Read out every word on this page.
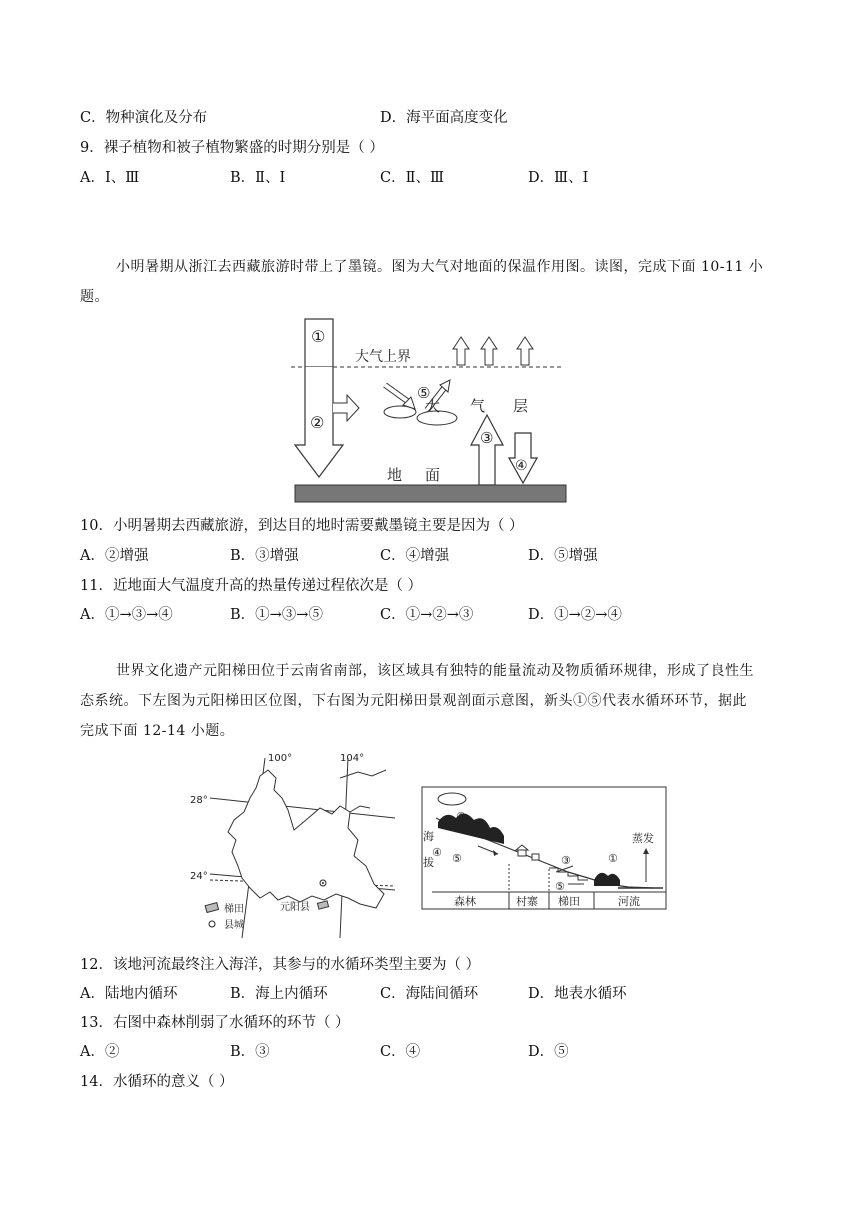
C．物种演化及分布	D．海平面高度变化
9．裸子植物和被子植物繁盛的时期分别是（ ）
A．Ⅰ、Ⅲ	B．Ⅱ、Ⅰ	C．Ⅱ、Ⅲ	D．Ⅲ、Ⅰ
小明暑期从浙江去西藏旅游时带上了墨镜。图为大气对地面的保温作用图。读图，完成下面 10-11 小
题。
大气上界
①
②
⑤
大 气 层
③
④
地 面
10．小明暑期去西藏旅游，到达目的地时需要戴墨镜主要是因为（ ）
A．②增强	B．③增强	C．④增强	D．⑤增强
11．近地面大气温度升高的热量传递过程依次是（ ）
A．①→③→④	B．①→③→⑤	C．①→②→③	D．①→②→④
世界文化遗产元阳梯田位于云南省南部，该区域具有独特的能量流动及物质循环规律，形成了良性生
态系统。下左图为元阳梯田区位图，下右图为元阳梯田景观剖面示意图，新头①⑤代表水循环环节，据此
完成下面 12-14 小题。
100°	104°
28°
24°
元阳县
梯田
县城
森林	村寨 梯田	河流
海
拔
②
④ ⑤	③
⑤
①
蒸发
12．该地河流最终注入海洋，其参与的水循环类型主要为（ ）
A．陆地内循环	B．海上内循环	C．海陆间循环	D．地表水循环
13．右图中森林削弱了水循环的环节（ ）
A．②	B．③	C．④	D．⑤
14．水循环的意义（ ）
